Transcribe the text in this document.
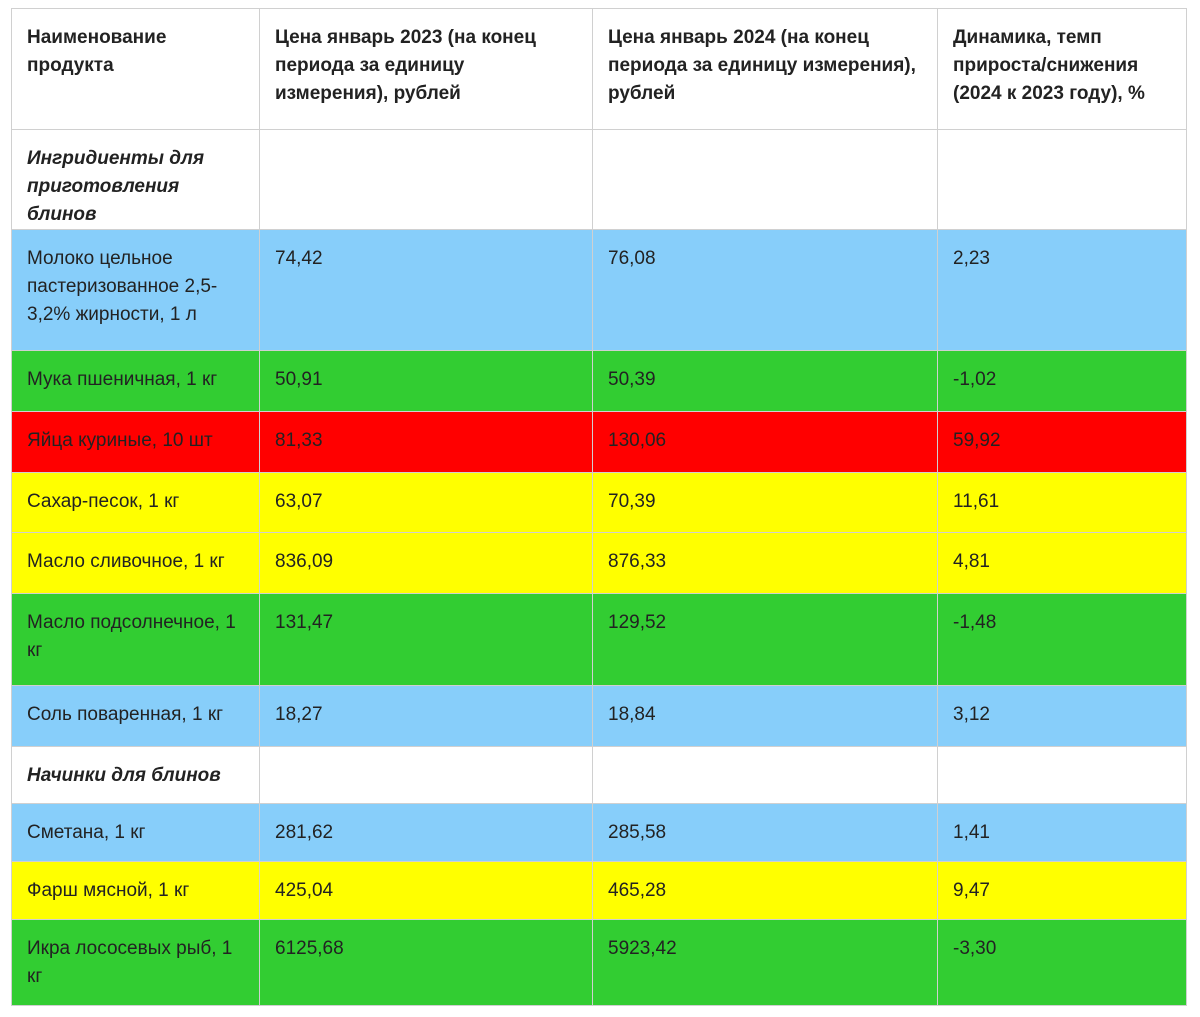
Наименование продукта	Цена январь 2023 (на конец периода за единицу измерения), рублей	Цена январь 2024 (на конец периода за единицу измерения), рублей	Динамика, темп прироста/снижения (2024 к 2023 году), %
Ингридиенты для приготовления блинов			
Молоко цельное пастеризованное 2,5-3,2% жирности, 1 л	74,42	76,08	2,23
Мука пшеничная, 1 кг	50,91	50,39	-1,02
Яйца куриные, 10 шт	81,33	130,06	59,92
Сахар-песок, 1 кг	63,07	70,39	11,61
Масло сливочное, 1 кг	836,09	876,33	4,81
Масло подсолнечное, 1 кг	131,47	129,52	-1,48
Соль поваренная, 1 кг	18,27	18,84	3,12
Начинки для блинов			
Сметана, 1 кг	281,62	285,58	1,41
Фарш мясной, 1 кг	425,04	465,28	9,47
Икра лососевых рыб, 1 кг	6125,68	5923,42	-3,30
